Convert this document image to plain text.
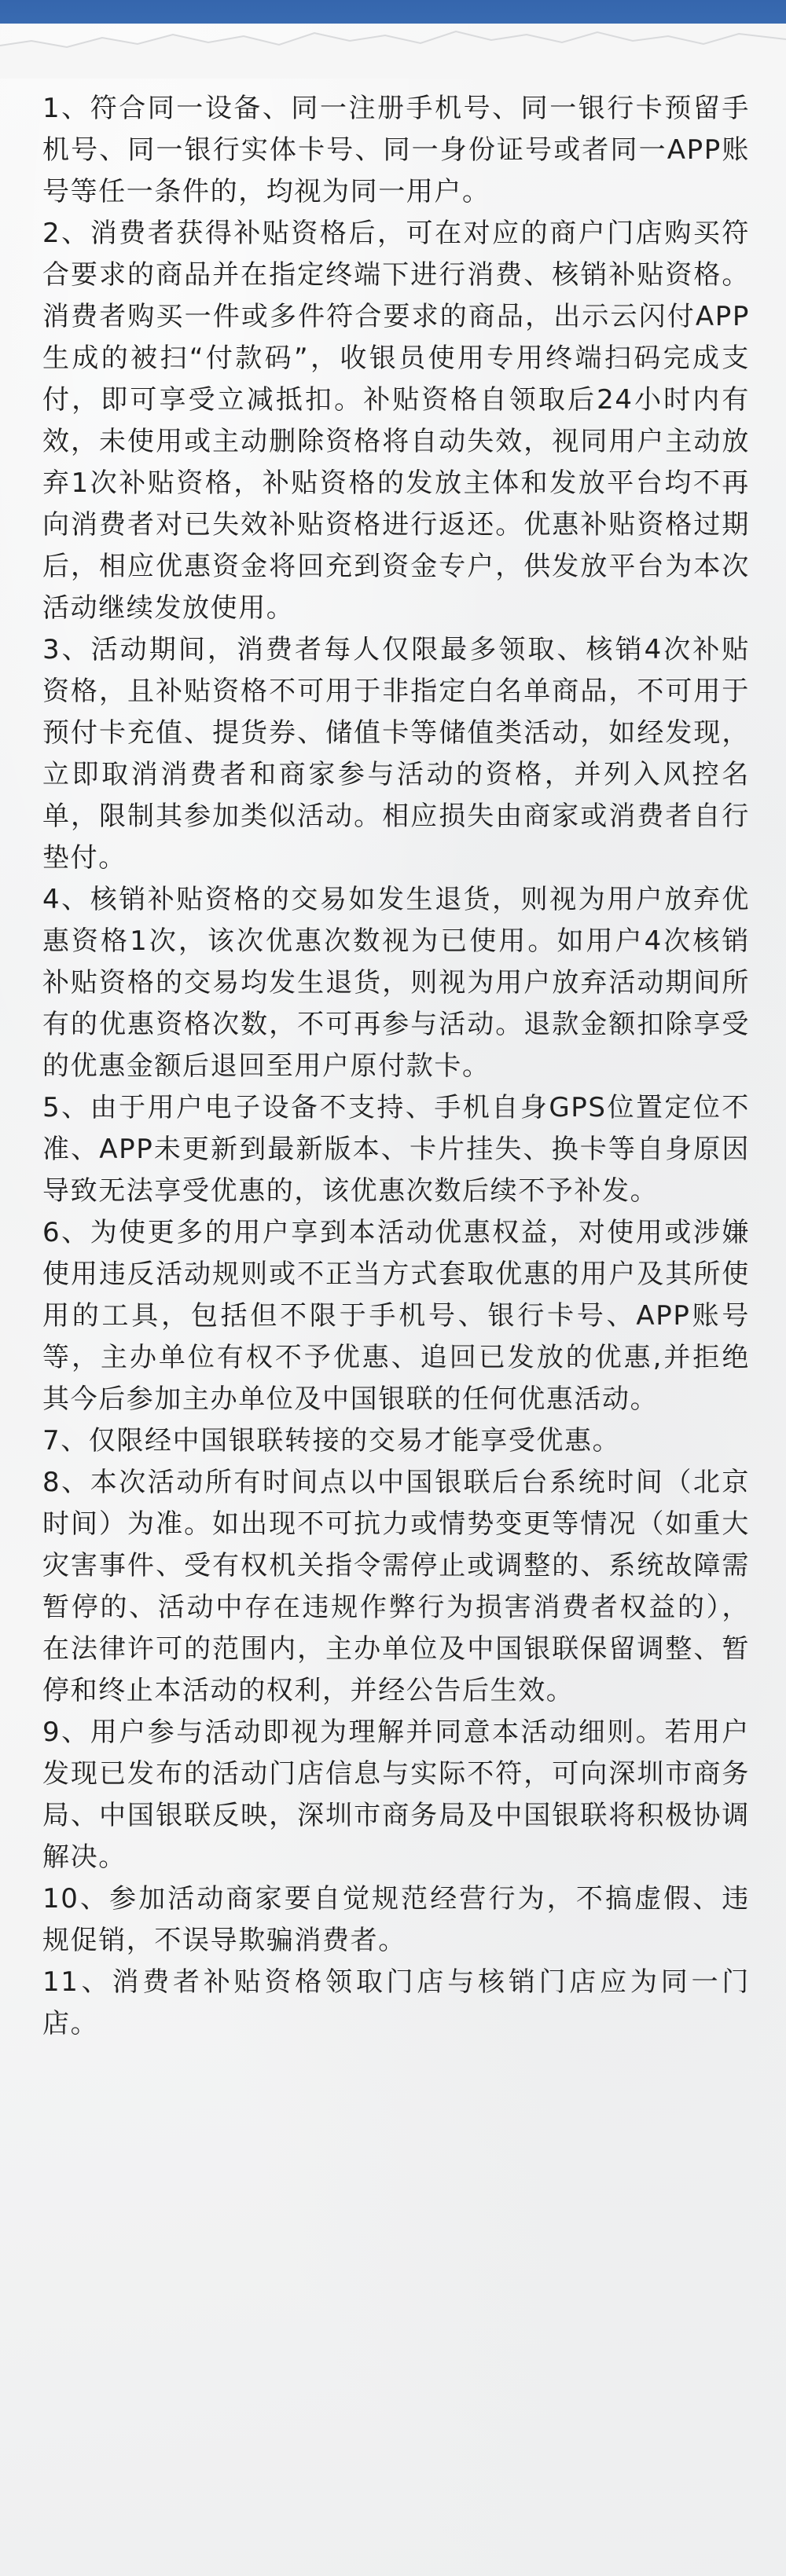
1、符合同一设备、同一注册手机号、同一银行卡预留手机号、同一银行实体卡号、同一身份证号或者同一APP账号等任一条件的，均视为同一用户。
2、消费者获得补贴资格后，可在对应的商户门店购买符合要求的商品并在指定终端下进行消费、核销补贴资格。消费者购买一件或多件符合要求的商品，出示云闪付APP生成的被扫“付款码”，收银员使用专用终端扫码完成支付，即可享受立减抵扣。补贴资格自领取后24小时内有效，未使用或主动删除资格将自动失效，视同用户主动放弃1次补贴资格，补贴资格的发放主体和发放平台均不再向消费者对已失效补贴资格进行返还。优惠补贴资格过期后，相应优惠资金将回充到资金专户，供发放平台为本次活动继续发放使用。
3、活动期间，消费者每人仅限最多领取、核销4次补贴资格，且补贴资格不可用于非指定白名单商品，不可用于预付卡充值、提货券、储值卡等储值类活动，如经发现，立即取消消费者和商家参与活动的资格，并列入风控名单，限制其参加类似活动。相应损失由商家或消费者自行垫付。
4、核销补贴资格的交易如发生退货，则视为用户放弃优惠资格1次，该次优惠次数视为已使用。如用户4次核销补贴资格的交易均发生退货，则视为用户放弃活动期间所有的优惠资格次数，不可再参与活动。退款金额扣除享受的优惠金额后退回至用户原付款卡。
5、由于用户电子设备不支持、手机自身GPS位置定位不准、APP未更新到最新版本、卡片挂失、换卡等自身原因导致无法享受优惠的，该优惠次数后续不予补发。
6、为使更多的用户享到本活动优惠权益，对使用或涉嫌使用违反活动规则或不正当方式套取优惠的用户及其所使用的工具，包括但不限于手机号、银行卡号、APP账号等，主办单位有权不予优惠、追回已发放的优惠,并拒绝其今后参加主办单位及中国银联的任何优惠活动。
7、仅限经中国银联转接的交易才能享受优惠。
8、本次活动所有时间点以中国银联后台系统时间（北京时间）为准。如出现不可抗力或情势变更等情况（如重大灾害事件、受有权机关指令需停止或调整的、系统故障需暂停的、活动中存在违规作弊行为损害消费者权益的），在法律许可的范围内，主办单位及中国银联保留调整、暂停和终止本活动的权利，并经公告后生效。
9、用户参与活动即视为理解并同意本活动细则。若用户发现已发布的活动门店信息与实际不符，可向深圳市商务局、中国银联反映，深圳市商务局及中国银联将积极协调解决。
10、参加活动商家要自觉规范经营行为，不搞虚假、违规促销，不误导欺骗消费者。
11、消费者补贴资格领取门店与核销门店应为同一门店。
